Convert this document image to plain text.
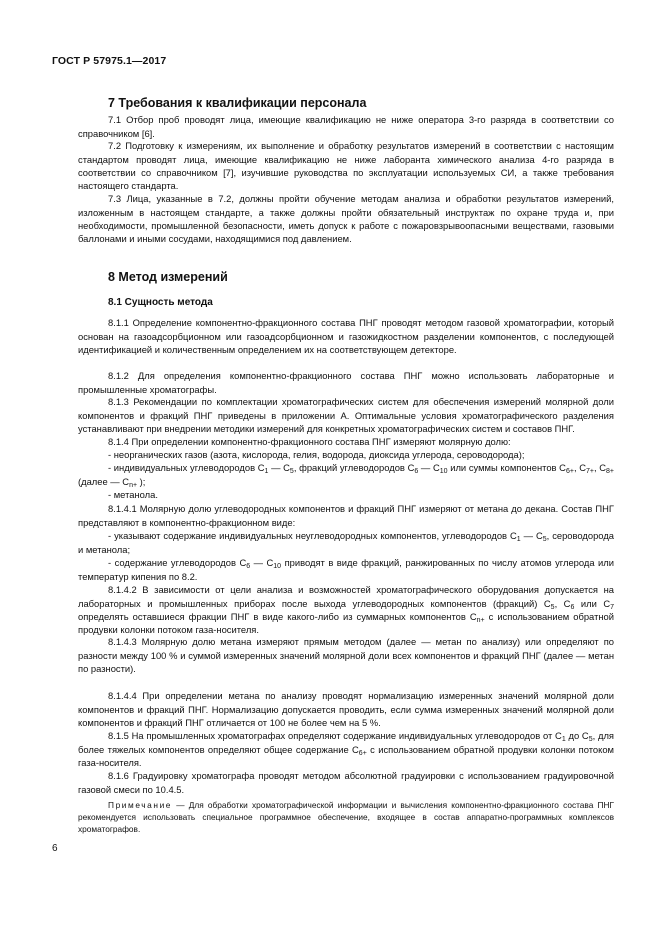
ГОСТ Р 57975.1—2017
7 Требования к квалификации персонала

7.1 Отбор проб проводят лица, имеющие квалификацию не ниже оператора 3-го разряда в соответствии со справочником [6].

7.2 Подготовку к измерениям, их выполнение и обработку результатов измерений в соответствии с настоящим стандартом проводят лица, имеющие квалификацию не ниже лаборанта химического анализа 4-го разряда в соответствии со справочником [7], изучившие руководства по эксплуатации используемых СИ, а также требования настоящего стандарта.

7.3 Лица, указанные в 7.2, должны пройти обучение методам анализа и обработки результатов измерений, изложенным в настоящем стандарте, а также должны пройти обязательный инструктаж по охране труда и, при необходимости, промышленной безопасности, иметь допуск к работе с пожаровзрывоопасными веществами, газовыми баллонами и иными сосудами, находящимися под давлением.

8 Метод измерений
8.1 Сущность метода

8.1.1 Определение компонентно-фракционного состава ПНГ проводят методом газовой хроматографии, который основан на газоадсорбционном или газоадсорбционном и газожидкостном разделении компонентов, с последующей идентификацией и количественным определением их на соответствующем детекторе.

8.1.2 Для определения компонентно-фракционного состава ПНГ можно использовать лабораторные и промышленные хроматографы.

8.1.3 Рекомендации по комплектации хроматографических систем для обеспечения измерений молярной доли компонентов и фракций ПНГ приведены в приложении А. Оптимальные условия хроматографического разделения устанавливают при внедрении методики измерений для конкретных хроматографических систем и составов ПНГ.

8.1.4 При определении компонентно-фракционного состава ПНГ измеряют молярную долю:

- неорганических газов (азота, кислорода, гелия, водорода, диоксида углерода, сероводорода);

- индивидуальных углеводородов $С_1$ — $С_5$, фракций углеводородов $С_6$ — $С_{10}$ или суммы компонентов $С_{6+}$, $С_{7+}$, $С_{8+}$ (далее — $С_{n+}$ );

- метанола.

8.1.4.1 Молярную долю углеводородных компонентов и фракций ПНГ измеряют от метана до декана. Состав ПНГ представляют в компонентно-фракционном виде:

- указывают содержание индивидуальных неуглеводородных компонентов, углеводородов $С_1$ — $С_5$, сероводорода и метанола;

- содержание углеводородов $С_6$ — $С_{10}$ приводят в виде фракций, ранжированных по числу атомов углерода или температур кипения по 8.2.

8.1.4.2 В зависимости от цели анализа и возможностей хроматографического оборудования допускается на лабораторных и промышленных приборах после выхода углеводородных компонентов (фракций) $С_5$, $С_6$ или $С_7$ определять оставшиеся фракции ПНГ в виде какого-либо из суммарных компонентов $С_{n+}$ с использованием обратной продувки колонки потоком газа-носителя.

8.1.4.3 Молярную долю метана измеряют прямым методом (далее — метан по анализу) или определяют по разности между 100 % и суммой измеренных значений молярной доли всех компонентов и фракций ПНГ (далее — метан по разности).

8.1.4.4 При определении метана по анализу проводят нормализацию измеренных значений молярной доли компонентов и фракций ПНГ. Нормализацию допускается проводить, если сумма измеренных значений молярной доли компонентов и фракций ПНГ отличается от 100 не более чем на 5 %.

8.1.5 На промышленных хроматографах определяют содержание индивидуальных углеводородов от $С_1$ до $С_5$, для более тяжелых компонентов определяют общее содержание $С_{6+}$ с использованием обратной продувки колонки потоком газа-носителя.

8.1.6 Градуировку хроматографа проводят методом абсолютной градуировки с использованием градуировочной газовой смеси по 10.4.5.

Примечание — Для обработки хроматографической информации и вычисления компонентно-фракционного состава ПНГ рекомендуется использовать специальное программное обеспечение, входящее в состав аппаратно-программных комплексов хроматографов.

6
